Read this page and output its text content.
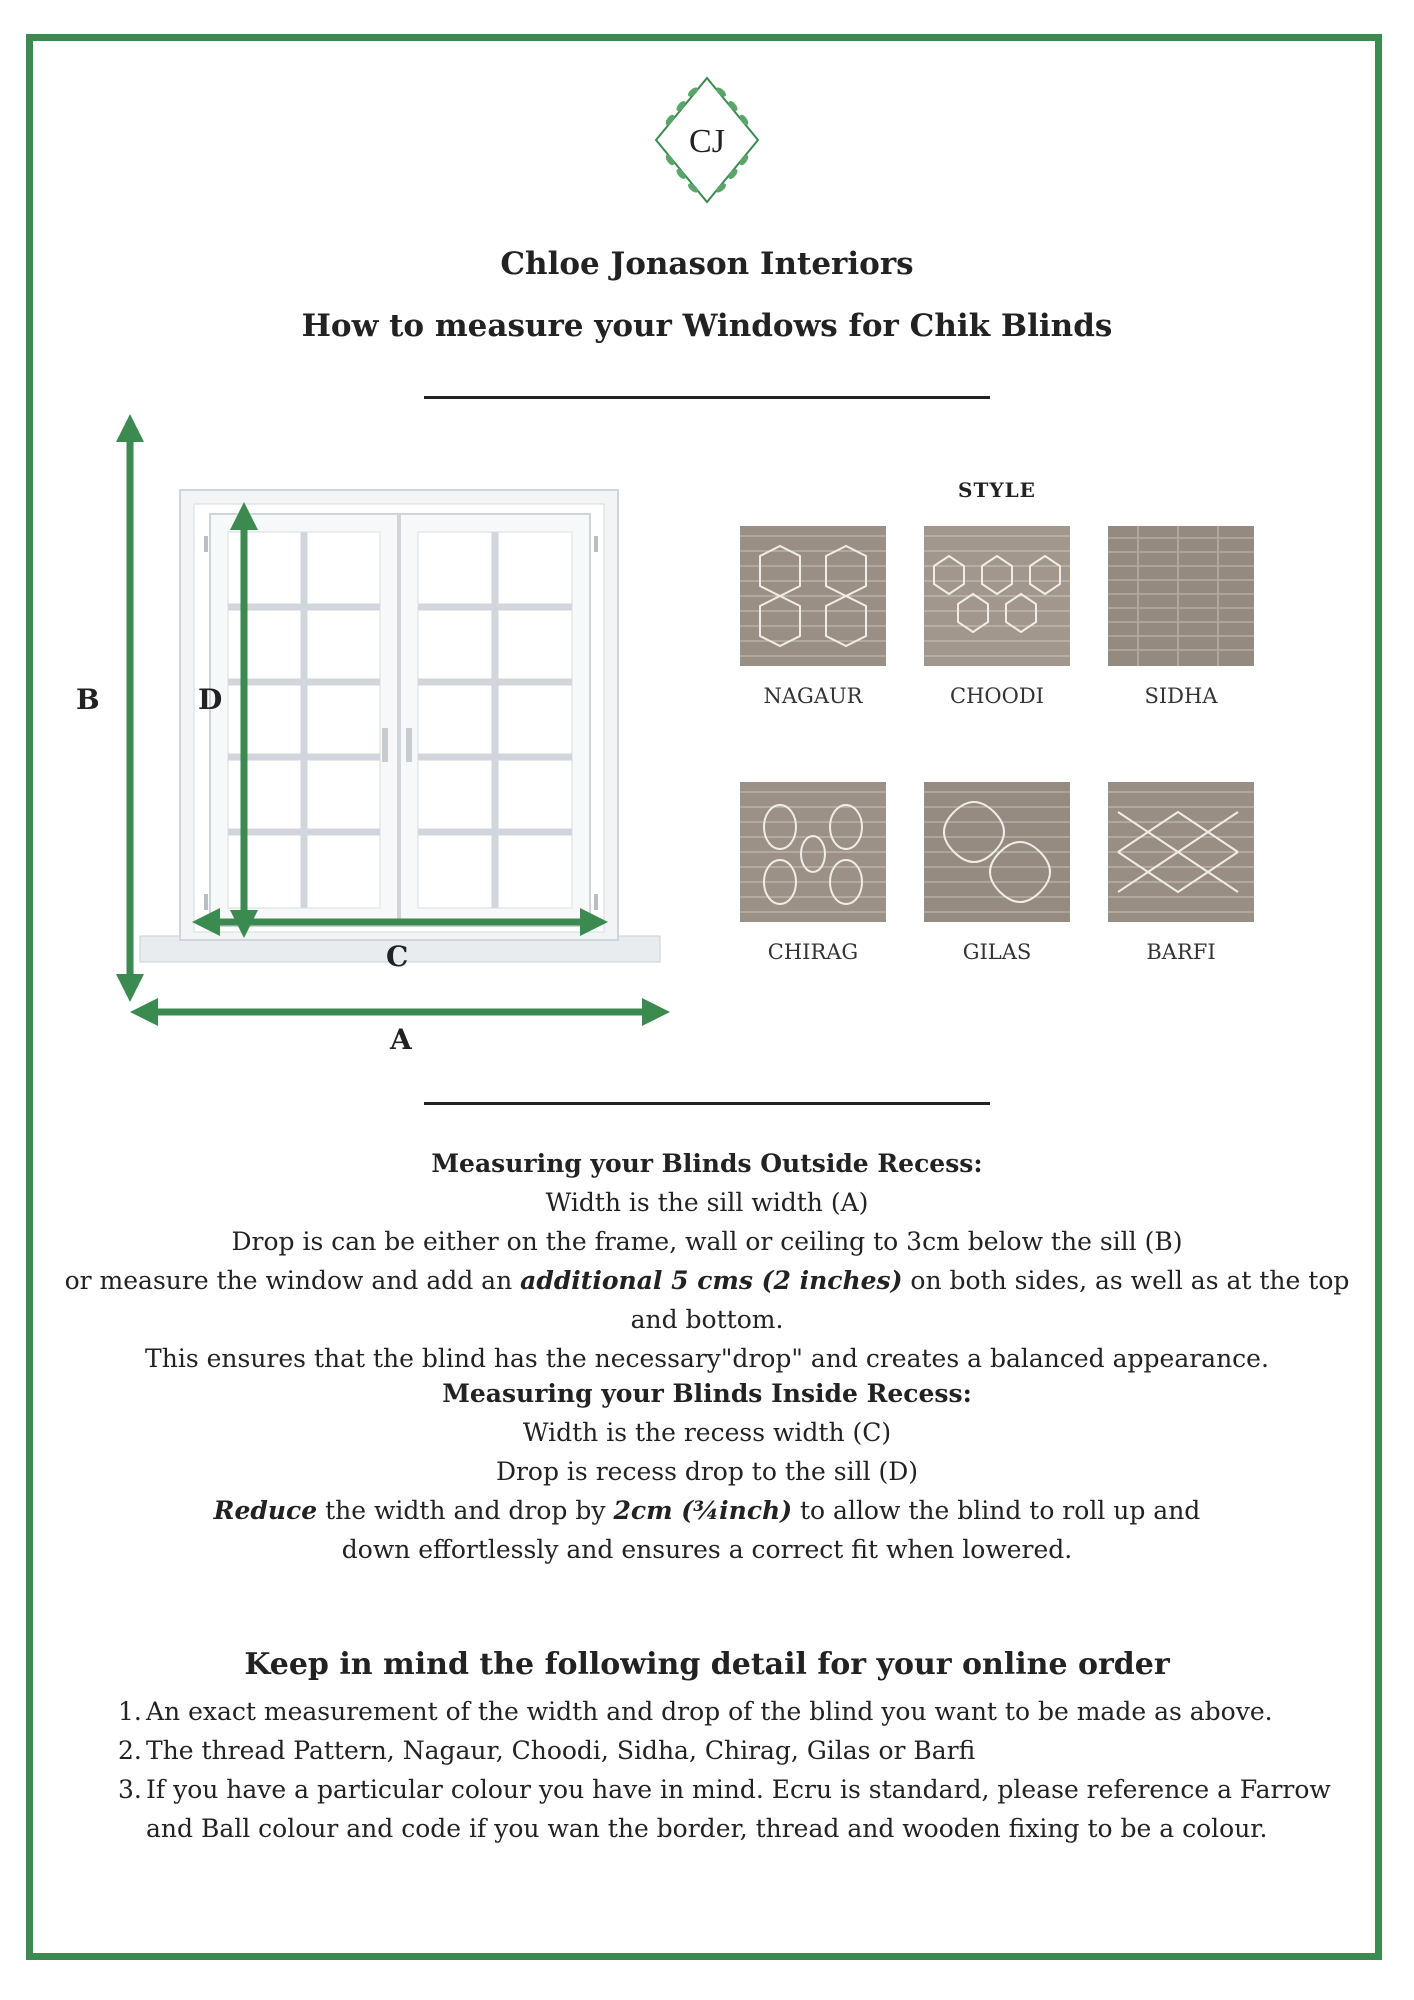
CJ
Chloe Jonason Interiors
How to measure your Windows for Chik Blinds
B	D
C
A
STYLE
NAGAUR	CHOODI	SIDHA
CHIRAG	GILAS	BARFI
Measuring your Blinds Outside Recess:
Width is the sill width (A)
Drop is can be either on the frame, wall or ceiling to 3cm below the sill (B)
or measure the window and add an additional 5 cms (2 inches) on both sides, as well as at the top and bottom.
This ensures that the blind has the necessary"drop" and creates a balanced appearance.
Measuring your Blinds Inside Recess:
Width is the recess width (C)
Drop is recess drop to the sill (D)
Reduce the width and drop by 2cm (¾inch) to allow the blind to roll up and
down effortlessly and ensures a correct fit when lowered.
Keep in mind the following detail for your online order
1. An exact measurement of the width and drop of the blind you want to be made as above.
2. The thread Pattern, Nagaur, Choodi, Sidha, Chirag, Gilas or Barfi
3. If you have a particular colour you have in mind. Ecru is standard, please reference a Farrow and Ball colour and code if you wan the border, thread and wooden fixing to be a colour.
